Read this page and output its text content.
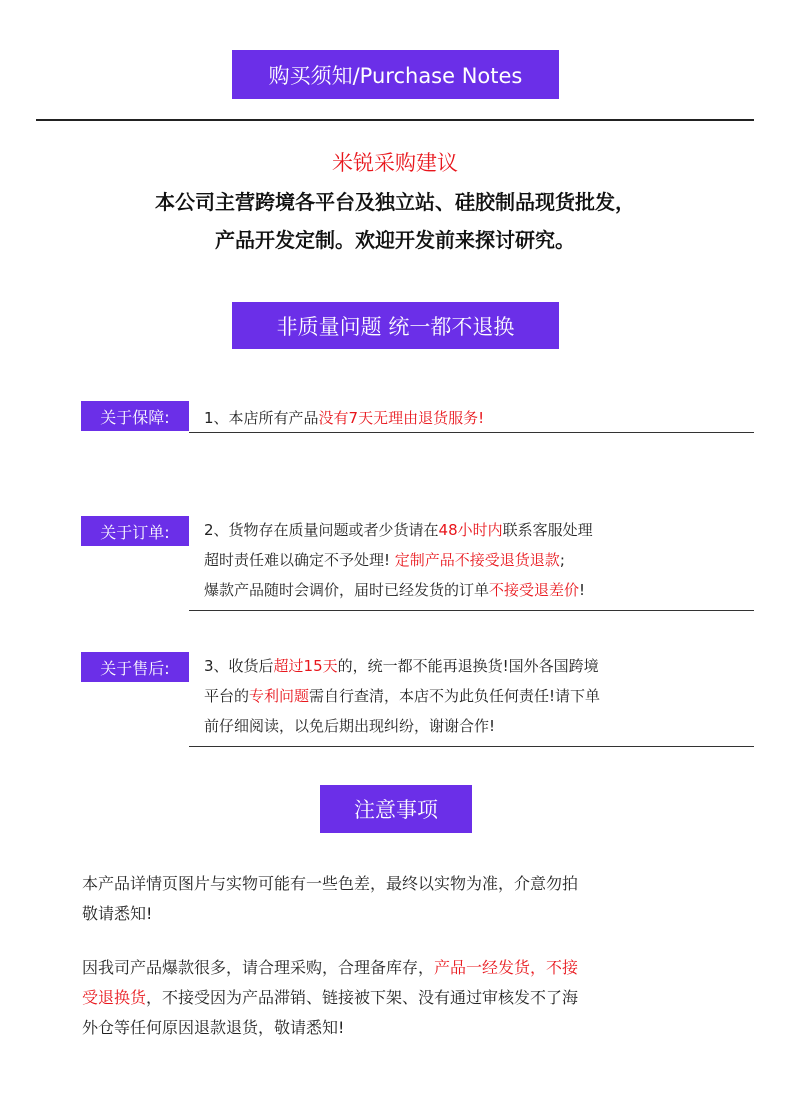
购买须知/Purchase Notes
米锐采购建议
本公司主营跨境各平台及独立站、硅胶制品现货批发，
产品开发定制。欢迎开发前来探讨研究。
非质量问题 统一都不退换
关于保障: 1、本店所有产品没有7天无理由退货服务!
关于订单: 2、货物存在质量问题或者少货请在48小时内联系客服处理
超时责任难以确定不予处理! 定制产品不接受退货退款;
爆款产品随时会调价，届时已经发货的订单不接受退差价!
关于售后: 3、收货后超过15天的，统一都不能再退换货!国外各国跨境
平台的专利问题需自行查清，本店不为此负任何责任!请下单
前仔细阅读，以免后期出现纠纷，谢谢合作!
注意事项
本产品详情页图片与实物可能有一些色差，最终以实物为准，介意勿拍
敬请悉知!
因我司产品爆款很多，请合理采购，合理备库存，产品一经发货，不接
受退换货，不接受因为产品滞销、链接被下架、没有通过审核发不了海
外仓等任何原因退款退货，敬请悉知!
